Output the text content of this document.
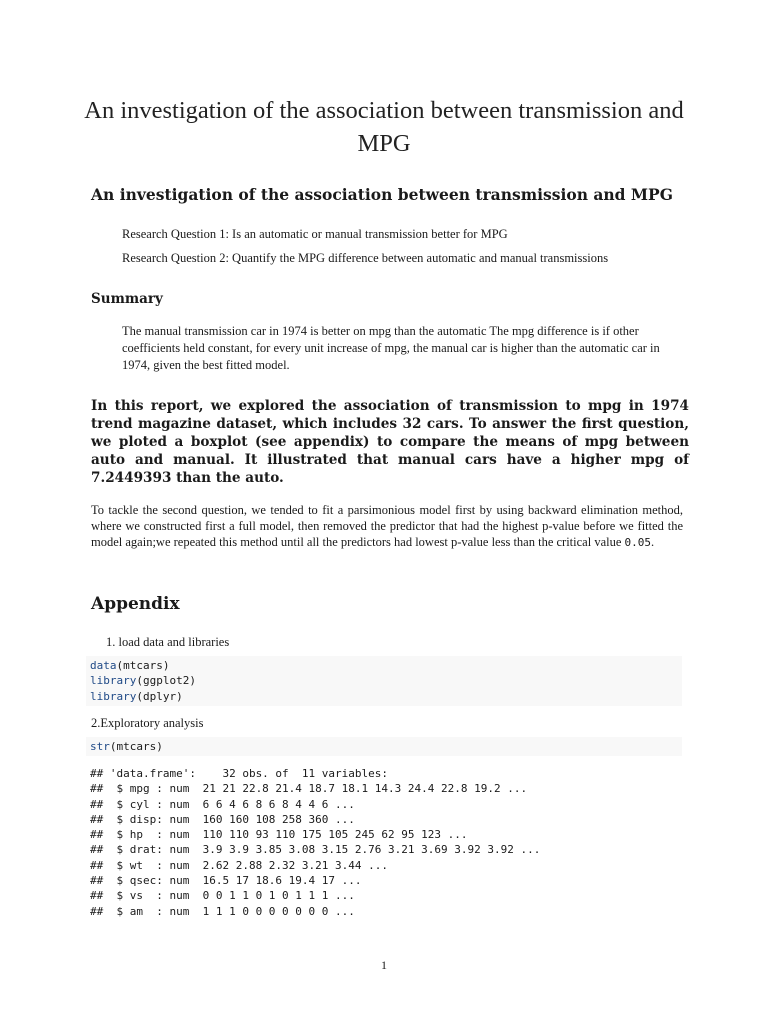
An investigation of the association between transmission and MPG
An investigation of the association between transmission and MPG
Research Question 1: Is an automatic or manual transmission better for MPG
Research Question 2: Quantify the MPG difference between automatic and manual transmissions
Summary
The manual transmission car in 1974 is better on mpg than the automatic The mpg difference is if other coefficients held constant, for every unit increase of mpg, the manual car is higher than the automatic car in 1974, given the best fitted model.
In this report, we explored the association of transmission to mpg in 1974 trend magazine dataset, which includes 32 cars. To answer the first question, we ploted a boxplot (see appendix) to compare the means of mpg between auto and manual. It illustrated that manual cars have a higher mpg of 7.2449393 than the auto.
To tackle the second question, we tended to fit a parsimonious model first by using backward elimination method, where we constructed first a full model, then removed the predictor that had the highest p-value before we fitted the model again;we repeated this method until all the predictors had lowest p-value less than the critical value 0.05.
Appendix
1. load data and libraries
data(mtcars)
library(ggplot2)
library(dplyr)
2.Exploratory analysis
str(mtcars)
## 'data.frame':    32 obs. of  11 variables:
##  $ mpg : num  21 21 22.8 21.4 18.7 18.1 14.3 24.4 22.8 19.2 ...
##  $ cyl : num  6 6 4 6 8 6 8 4 4 6 ...
##  $ disp: num  160 160 108 258 360 ...
##  $ hp  : num  110 110 93 110 175 105 245 62 95 123 ...
##  $ drat: num  3.9 3.9 3.85 3.08 3.15 2.76 3.21 3.69 3.92 3.92 ...
##  $ wt  : num  2.62 2.88 2.32 3.21 3.44 ...
##  $ qsec: num  16.5 17 18.6 19.4 17 ...
##  $ vs  : num  0 0 1 1 0 1 0 1 1 1 ...
##  $ am  : num  1 1 1 0 0 0 0 0 0 0 ...
1
